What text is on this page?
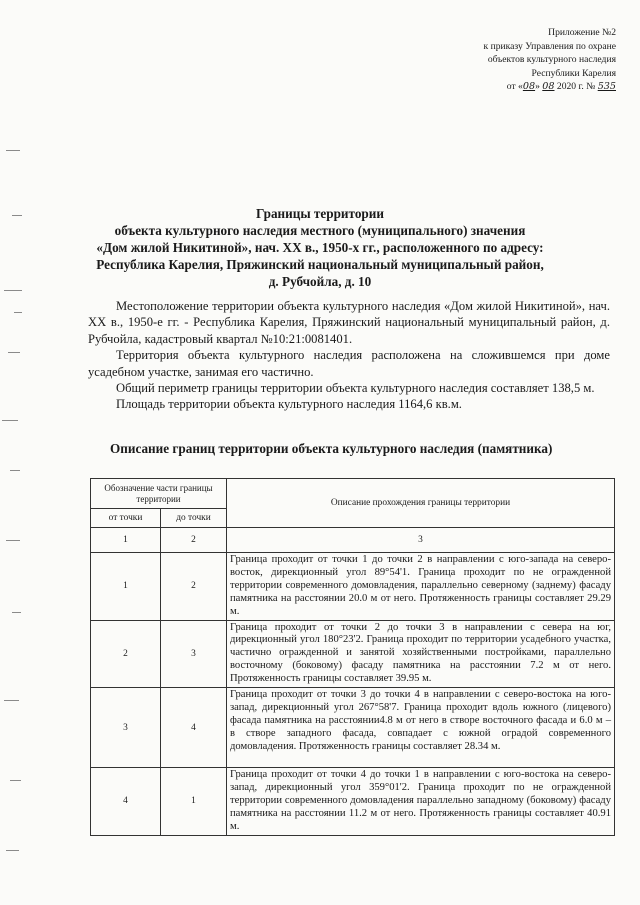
Приложение №2
к приказу Управления по охране
объектов культурного наследия
Республики Карелия
от «08» 08 2020 г. № 535
Границы территории
объекта культурного наследия местного (муниципального) значения
«Дом жилой Никитиной», нач. XX в., 1950-х гг., расположенного по адресу:
Республика Карелия, Пряжинский национальный муниципальный район,
д. Рубчойла, д. 10

Местоположение территории объекта культурного наследия «Дом жилой Никитиной», нач. XX в., 1950-е гг. - Республика Карелия, Пряжинский национальный муниципальный район, д. Рубчойла, кадастровый квартал №10:21:0081401.

Территория объекта культурного наследия расположена на сложившемся при доме усадебном участке, занимая его частично.

Общий периметр границы территории объекта культурного наследия составляет 138,5 м.

Площадь территории объекта культурного наследия 1164,6 кв.м.

Описание границ территории объекта культурного наследия (памятника)
Обозначение части границы территории		Описание прохождения границы территории
от точки	до точки	
1	2	3
1	2	Граница проходит от точки 1 до точки 2 в направлении с юго-запада на северо-восток, дирекционный угол 89°54'1. Граница проходит по не огражденной территории современного домовладения, параллельно северному (заднему) фасаду памятника на расстоянии 20.0 м от него. Протяженность границы составляет 29.29 м.
2	3	Граница проходит от точки 2 до точки 3 в направлении с севера на юг, дирекционный угол 180°23'2. Граница проходит по территории усадебного участка, частично огражденной и занятой хозяйственными постройками, параллельно восточному (боковому) фасаду памятника на расстоянии 7.2 м от него. Протяженность границы составляет 39.95 м.
3	4	Граница проходит от точки 3 до точки 4 в направлении с северо-востока на юго-запад, дирекционный угол 267°58'7. Граница проходит вдоль южного (лицевого) фасада памятника на расстоянии4.8 м от него в створе восточного фасада и 6.0 м – в створе западного фасада, совпадает с южной оградой современного домовладения. Протяженность границы составляет 28.34 м.
4	1	Граница проходит от точки 4 до точки 1 в направлении с юго-востока на северо-запад, дирекционный угол 359°01'2. Граница проходит по не огражденной территории современного домовладения параллельно западному (боковому) фасаду памятника на расстоянии 11.2 м от него. Протяженность границы составляет 40.91 м.
